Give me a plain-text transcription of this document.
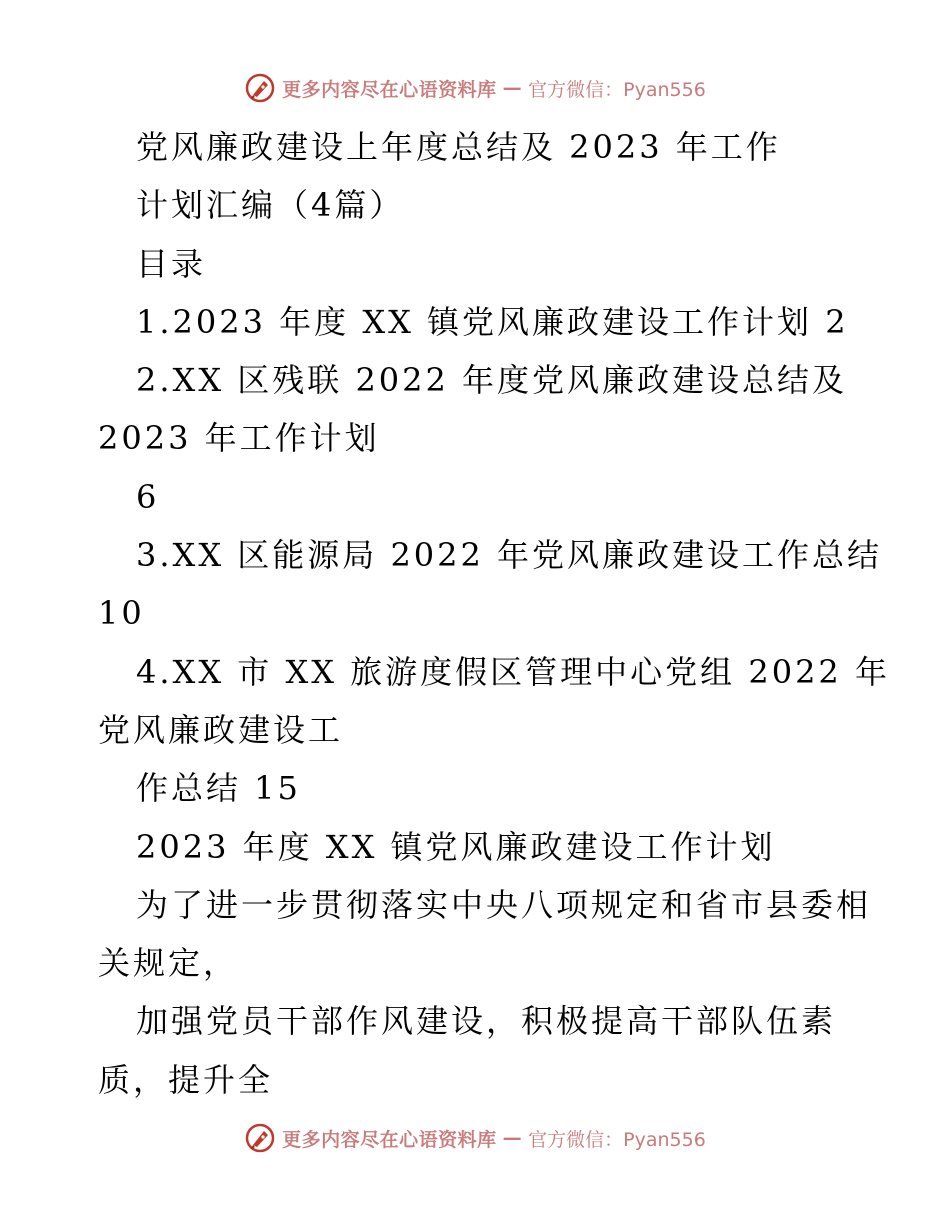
更多内容尽在心语资料库 — 官方微信：Pyan556
党风廉政建设上年度总结及 2023 年工作
计划汇编（4篇）
目录
1.2023 年度 XX 镇党风廉政建设工作计划 2
2.XX 区残联 2022 年度党风廉政建设总结及
2023 年工作计划
6
3.XX 区能源局 2022 年党风廉政建设工作总结
10
4.XX 市 XX 旅游度假区管理中心党组 2022 年
党风廉政建设工
作总结 15
2023 年度 XX 镇党风廉政建设工作计划
为了进一步贯彻落实中央八项规定和省市县委相
关规定，
加强党员干部作风建设，积极提高干部队伍素
质，提升全
更多内容尽在心语资料库 — 官方微信：Pyan556
